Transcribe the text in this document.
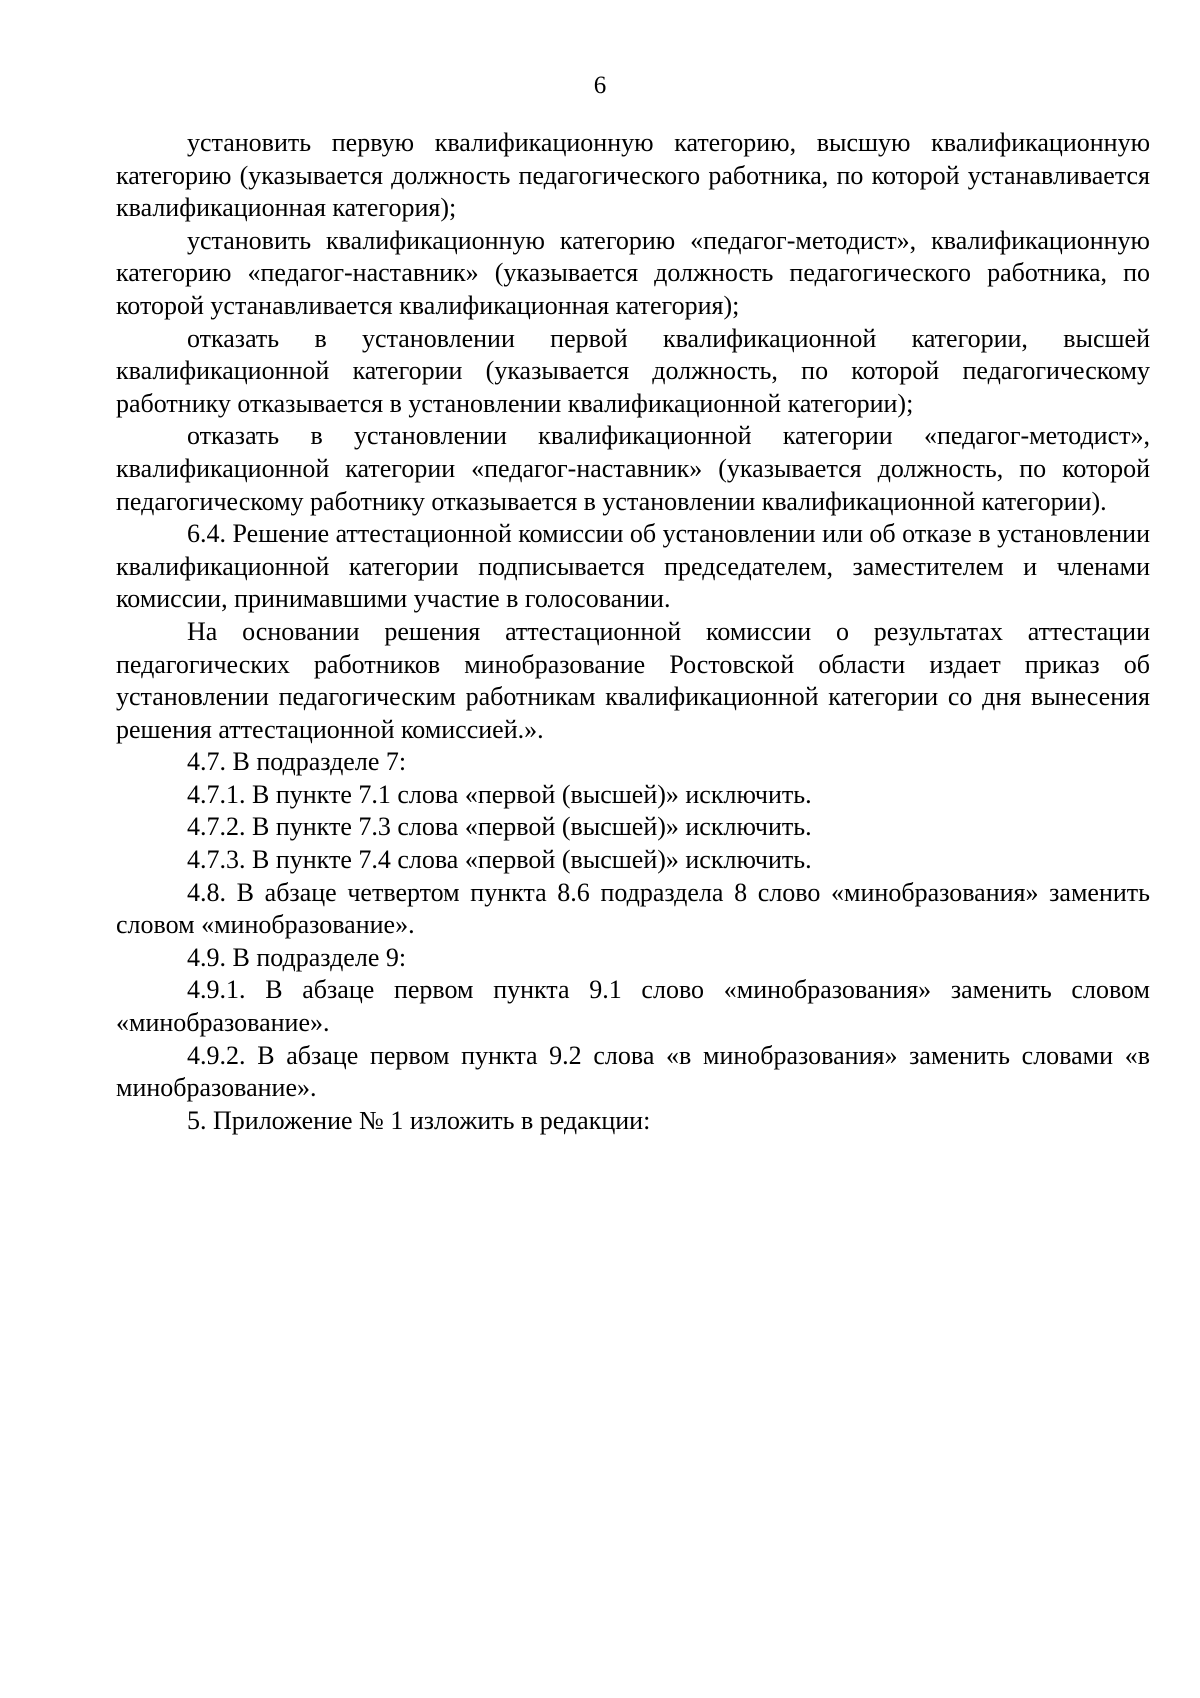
6

установить первую квалификационную категорию, высшую квалификационную категорию (указывается должность педагогического работника, по которой устанавливается квалификационная категория);

установить квалификационную категорию «педагог-методист», квалификационную категорию «педагог-наставник» (указывается должность педагогического работника, по которой устанавливается квалификационная категория);

отказать в установлении первой квалификационной категории, высшей квалификационной категории (указывается должность, по которой педагогическому работнику отказывается в установлении квалификационной категории);

отказать в установлении квалификационной категории «педагог-методист», квалификационной категории «педагог-наставник» (указывается должность, по которой педагогическому работнику отказывается в установлении квалификационной категории).

6.4. Решение аттестационной комиссии об установлении или об отказе в установлении квалификационной категории подписывается председателем, заместителем и членами комиссии, принимавшими участие в голосовании.

На основании решения аттестационной комиссии о результатах аттестации педагогических работников минобразование Ростовской области издает приказ об установлении педагогическим работникам квалификационной категории со дня вынесения решения аттестационной комиссией.».

4.7. В подразделе 7:

4.7.1. В пункте 7.1 слова «первой (высшей)» исключить.

4.7.2. В пункте 7.3 слова «первой (высшей)» исключить.

4.7.3. В пункте 7.4 слова «первой (высшей)» исключить.

4.8. В абзаце четвертом пункта 8.6 подраздела 8 слово «минобразования» заменить словом «минобразование».

4.9. В подразделе 9:

4.9.1. В абзаце первом пункта 9.1 слово «минобразования» заменить словом «минобразование».

4.9.2. В абзаце первом пункта 9.2 слова «в минобразования» заменить словами «в минобразование».

5. Приложение № 1 изложить в редакции:
